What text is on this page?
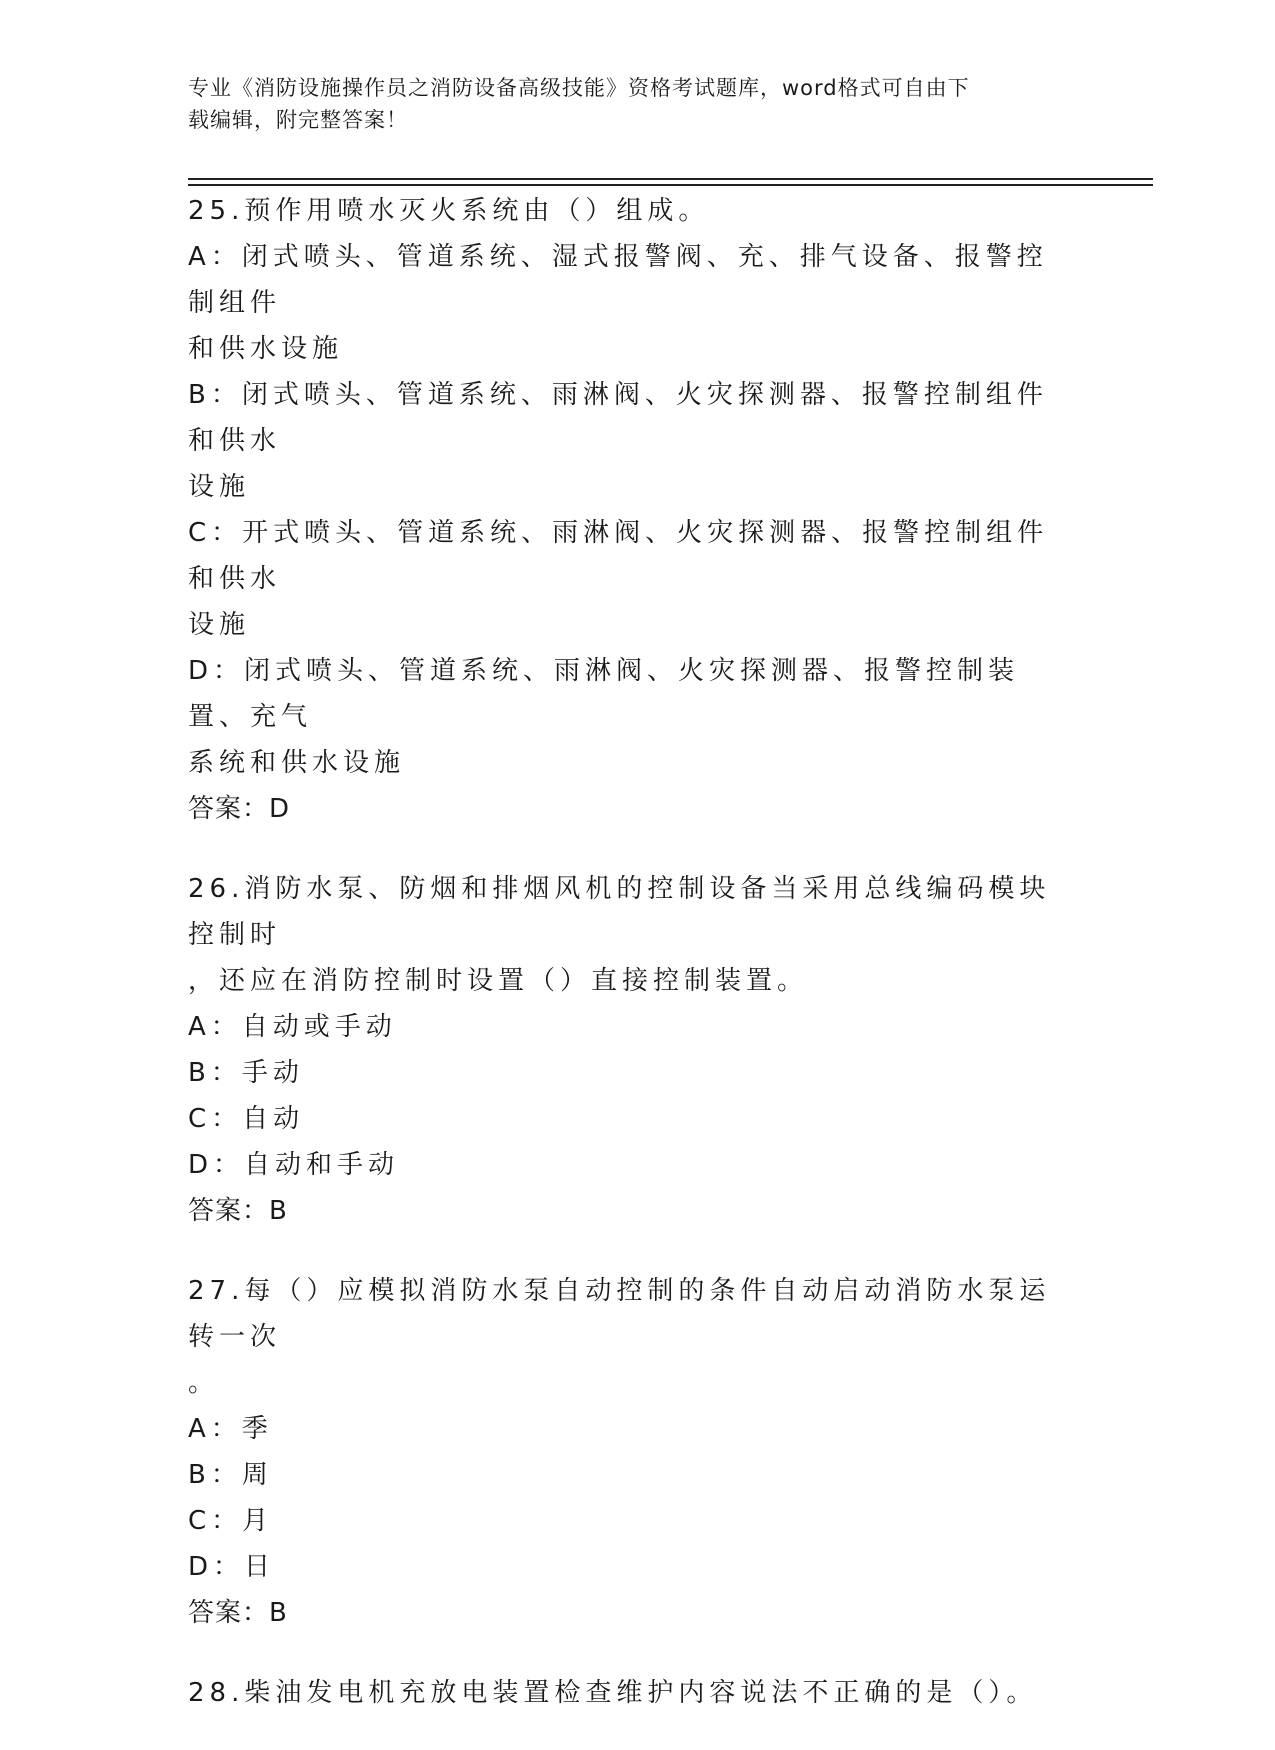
专业《消防设施操作员之消防设备高级技能》资格考试题库，word格式可自由下
载编辑，附完整答案！

25.预作用喷水灭火系统由（）组成。

A：闭式喷头、管道系统、湿式报警阀、充、排气设备、报警控制组件

和供水设施

B：闭式喷头、管道系统、雨淋阀、火灾探测器、报警控制组件和供水

设施

C：开式喷头、管道系统、雨淋阀、火灾探测器、报警控制组件和供水

设施

D：闭式喷头、管道系统、雨淋阀、火灾探测器、报警控制装置、充气

系统和供水设施

答案：D

26.消防水泵、防烟和排烟风机的控制设备当采用总线编码模块控制时

，还应在消防控制时设置（）直接控制装置。

A：自动或手动

B：手动

C：自动

D：自动和手动

答案：B

27.每（）应模拟消防水泵自动控制的条件自动启动消防水泵运转一次

。

A：季

B：周

C：月

D：日

答案：B

28.柴油发电机充放电装置检查维护内容说法不正确的是（）。
